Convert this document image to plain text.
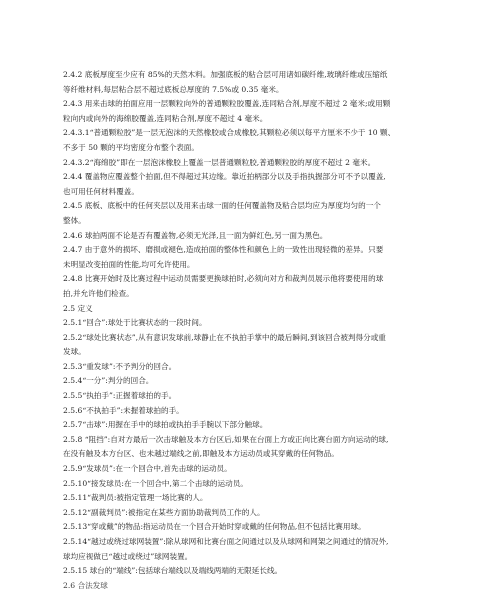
2.4.2 底板厚度至少应有 85%的天然木料。加强底板的粘合层可用诸如碳纤维,玻璃纤维或压缩纸
等纤维材料,每层粘合层不超过底板总厚度的 7.5%或 0.35 毫米。
2.4.3 用来击球的拍面应用一层颗粒向外的普通颗粒胶覆盖,连同粘合剂,厚度不超过 2 毫米;或用颗
粒向内或向外的海绵胶覆盖,连同粘合剂,厚度不超过 4 毫米。
2.4.3.1“普通颗粒胶”是一层无泡沫的天然橡胶或合成橡胶,其颗粒必须以每平方厘米不少于 10 颗、
不多于 50 颗的平均密度分布整个表面。
2.4.3.2“海绵胶”即在一层泡沫橡胶上覆盖一层普通颗粒胶,普通颗粒胶的厚度不超过 2 毫米。
2.4.4 覆盖物应覆盖整个拍面,但不得超过其边缘。靠近拍柄部分以及手指执握部分可不予以覆盖,
也可用任何材料覆盖。
2.4.5 底板、底板中的任何夹层以及用来击球一面的任何覆盖物及粘合层均应为厚度均匀的一个
整体。
2.4.6 球拍两面不论是否有覆盖物,必须无光泽,且一面为鲜红色,另一面为黑色。
2.4.7 由于意外的损坏、磨损或褪色,造成拍面的整体性和颜色上的一致性出现轻微的差异。只要
未明显改变拍面的性能,均可允许使用。
2.4.8 比赛开始时及比赛过程中运动员需要更换球拍时,必须向对方和裁判员展示他将要使用的球
拍,并允许他们检查。
2.5 定义
2.5.1“回合”:球处于比赛状态的一段时间。
2.5.2“球处比赛状态”,从有意识发球前,球静止在不执拍手掌中的最后瞬间,到该回合被判得分或重
发球。
2.5.3“重发球”:不予判分的回合。
2.5.4“一分”:判分的回合。
2.5.5“执拍手”:正握着球拍的手。
2.5.6“不执拍手”:未握着球拍的手。
2.5.7“击球”:用握在手中的球拍或执拍手手腕以下部分触球。
2.5.8 “阻挡”:自对方最后一次击球触及本方台区后,如果在台面上方或正向比赛台面方向运动的球,
在没有触及本方台区、也未越过端线之前,即触及本方运动员或其穿戴的任何物品。
2.5.9“发球员”:在一个回合中,首先击球的运动员。
2.5.10“接发球员:在一个回合中,第二个击球的运动员。
2.5.11“裁判员:被指定管理一场比赛的人。
2.5.12“副裁判员”:被指定在某些方面协助裁判员工作的人。
2.5.13“穿或戴”的物品:指运动员在一个回合开始时穿或戴的任何物品,但不包括比赛用球。
2.5.14“越过或绕过球网装置”:除从球网和比赛台面之间通过以及从球网和网架之间通过的情况外,
球均应视做已“越过或绕过”球网装置。
2.5.15 球台的“端线”:包括球台端线以及端线两端的无限延长线。
2.6 合法发球
